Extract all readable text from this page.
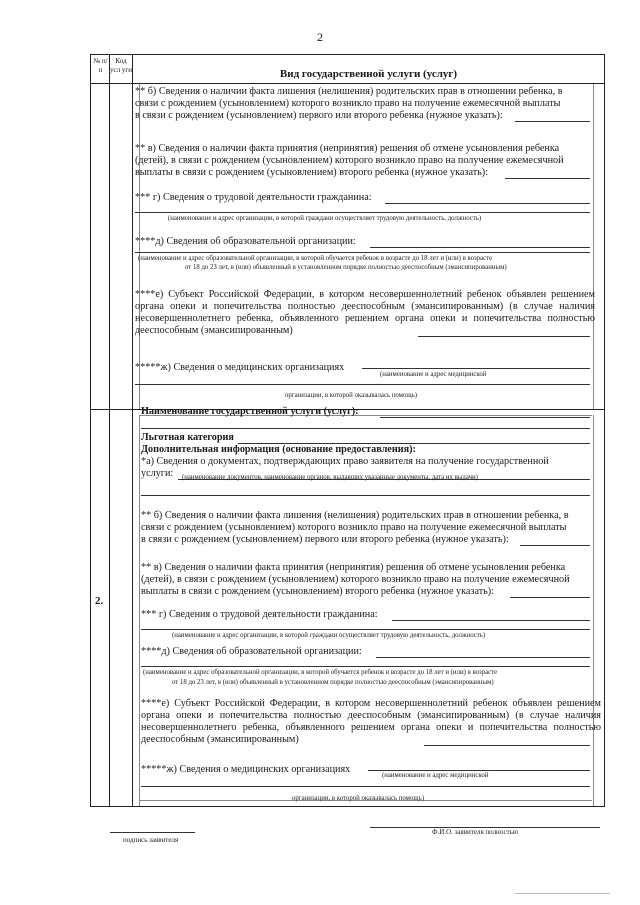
2
№ п/ п
Код усл уги	Вид государственной услуги (услуг)
2.
** б) Сведения о наличии факта лишения (нелишения) родительских прав в отношении ребенка, в
связи с рождением (усыновлением) которого возникло право на получение ежемесячной выплаты
в связи с рождением (усыновлением) первого или второго ребенка (нужное указать):
** в) Сведения о наличии факта принятия (непринятия) решения об отмене усыновления ребенка
(детей), в связи с рождением (усыновлением) которого возникло право на получение ежемесячной
выплаты в связи с рождением (усыновлением) второго ребенка (нужное указать):
*** г) Сведения о трудовой деятельности гражданина:
(наименование и адрес организации, в которой граждани осуществляет трудовую деятельность, должность)
****д) Сведения об образовательной организации:
(наименование и адрес образовательной организации, в которой обучается ребенок в возрасте до 18 лет и (или) в возрасте
от 18 до 23 лет, в (или) объявленный в установленном порядке полностью дееспособным (эмансипированным)
****е) Субъект Российской Федерации, в котором несовершеннолетний ребенок объявлен решением органа опеки и попечительства полностью дееспособным (эмансипированным) (в случае наличия несовершеннолетнего ребенка, объявленного решением органа опеки и попечительства полностью дееспособным (эмансипированным)
*****ж) Сведения о медицинских организациях
(наименование и адрес медицинской
организации, в которой оказывалась помощь)
Наименование государственной услуги (услуг):
Льготная категория
Дополнительная информация (основание предоставления):
*а) Сведения о документах, подтверждающих право заявителя на получение государственной
услуги: (наименование документов, наименование органов, выдавших указанные документы, дата их выдачи)
** б) Сведения о наличии факта лишения (нелишения) родительских прав в отношении ребенка, в
связи с рождением (усыновлением) которого возникло право на получение ежемесячной выплаты
в связи с рождением (усыновлением) первого или второго ребенка (нужное указать):
** в) Сведения о наличии факта принятия (непринятия) решения об отмене усыновления ребенка
(детей), в связи с рождением (усыновлением) которого возникло право на получение ежемесячной
выплаты в связи с рождением (усыновлением) второго ребенка (нужное указать):
*** г) Сведения о трудовой деятельности гражданина:
(наименование и адрес организации, в которой граждани осуществляет трудовую деятельность, должность)
****д) Сведения об образовательной организации:
(наименование и адрес образовательной организации, в которой обучается ребенок в возрасте до 18 лет и (или) в возрасте
от 18 до 23 лет, в (или) объявленный в установленном порядке полностью дееспособным (эмансипированным)
****е) Субъект Российской Федерации, в котором несовершеннолетний ребенок объявлен решением органа опеки и попечительства полностью дееспособным (эмансипированным) (в случае наличия несовершеннолетнего ребенка, объявленного решением органа опеки и попечительства полностью дееспособным (эмансипированным)
*****ж) Сведения о медицинских организациях
(наименование и адрес медицинской
организации, в которой оказывалась помощь)
подпись заявителя
Ф.И.О. заявителя полностью
